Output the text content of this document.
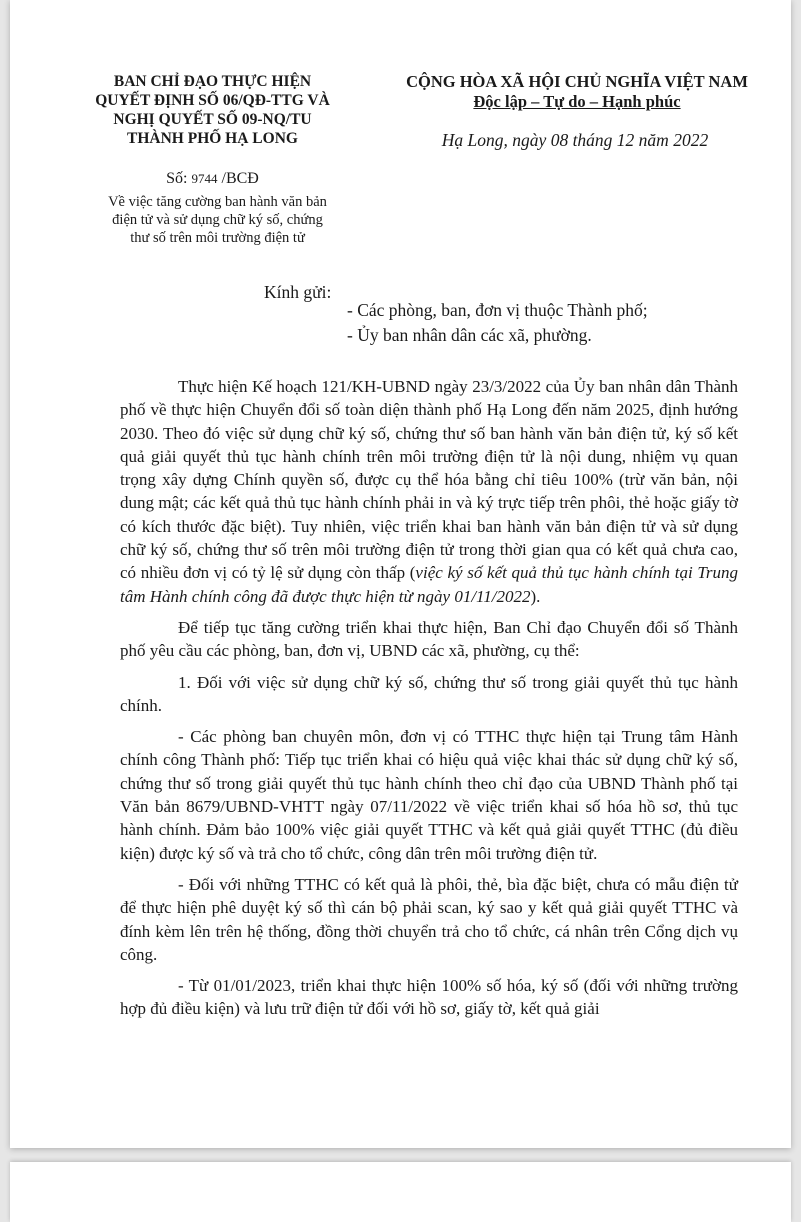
BAN CHỈ ĐẠO THỰC HIỆN
QUYẾT ĐỊNH SỐ 06/QĐ-TTG VÀ
NGHỊ QUYẾT SỐ 09-NQ/TU
THÀNH PHỐ HẠ LONG
CỘNG HÒA XÃ HỘI CHỦ NGHĨA VIỆT NAM
Độc lập – Tự do – Hạnh phúc
Hạ Long, ngày 08 tháng 12 năm 2022
Số: 9744 /BCĐ
Về việc tăng cường ban hành văn bản
điện tử và sử dụng chữ ký số, chứng
thư số trên môi trường điện tử
Kính gửi:
- Các phòng, ban, đơn vị thuộc Thành phố;
- Ủy ban nhân dân các xã, phường.

Thực hiện Kế hoạch 121/KH-UBND ngày 23/3/2022 của Ủy ban nhân dân Thành phố về thực hiện Chuyển đổi số toàn diện thành phố Hạ Long đến năm 2025, định hướng 2030. Theo đó việc sử dụng chữ ký số, chứng thư số ban hành văn bản điện tử, ký số kết quả giải quyết thủ tục hành chính trên môi trường điện tử là nội dung, nhiệm vụ quan trọng xây dựng Chính quyền số, được cụ thể hóa bằng chỉ tiêu 100% (trừ văn bản, nội dung mật; các kết quả thủ tục hành chính phải in và ký trực tiếp trên phôi, thẻ hoặc giấy tờ có kích thước đặc biệt). Tuy nhiên, việc triển khai ban hành văn bản điện tử và sử dụng chữ ký số, chứng thư số trên môi trường điện tử trong thời gian qua có kết quả chưa cao, có nhiều đơn vị có tỷ lệ sử dụng còn thấp (việc ký số kết quả thủ tục hành chính tại Trung tâm Hành chính công đã được thực hiện từ ngày 01/11/2022).

Để tiếp tục tăng cường triển khai thực hiện, Ban Chỉ đạo Chuyển đổi số Thành phố yêu cầu các phòng, ban, đơn vị, UBND các xã, phường, cụ thể:

1. Đối với việc sử dụng chữ ký số, chứng thư số trong giải quyết thủ tục hành chính.

- Các phòng ban chuyên môn, đơn vị có TTHC thực hiện tại Trung tâm Hành chính công Thành phố: Tiếp tục triển khai có hiệu quả việc khai thác sử dụng chữ ký số, chứng thư số trong giải quyết thủ tục hành chính theo chỉ đạo của UBND Thành phố tại Văn bản 8679/UBND-VHTT ngày 07/11/2022 về việc triển khai số hóa hồ sơ, thủ tục hành chính. Đảm bảo 100% việc giải quyết TTHC và kết quả giải quyết TTHC (đủ điều kiện) được ký số và trả cho tổ chức, công dân trên môi trường điện tử.

- Đối với những TTHC có kết quả là phôi, thẻ, bìa đặc biệt, chưa có mẫu điện tử để thực hiện phê duyệt ký số thì cán bộ phải scan, ký sao y kết quả giải quyết TTHC và đính kèm lên trên hệ thống, đồng thời chuyển trả cho tổ chức, cá nhân trên Cổng dịch vụ công.

- Từ 01/01/2023, triển khai thực hiện 100% số hóa, ký số (đối với những trường hợp đủ điều kiện) và lưu trữ điện tử đối với hồ sơ, giấy tờ, kết quả giải
